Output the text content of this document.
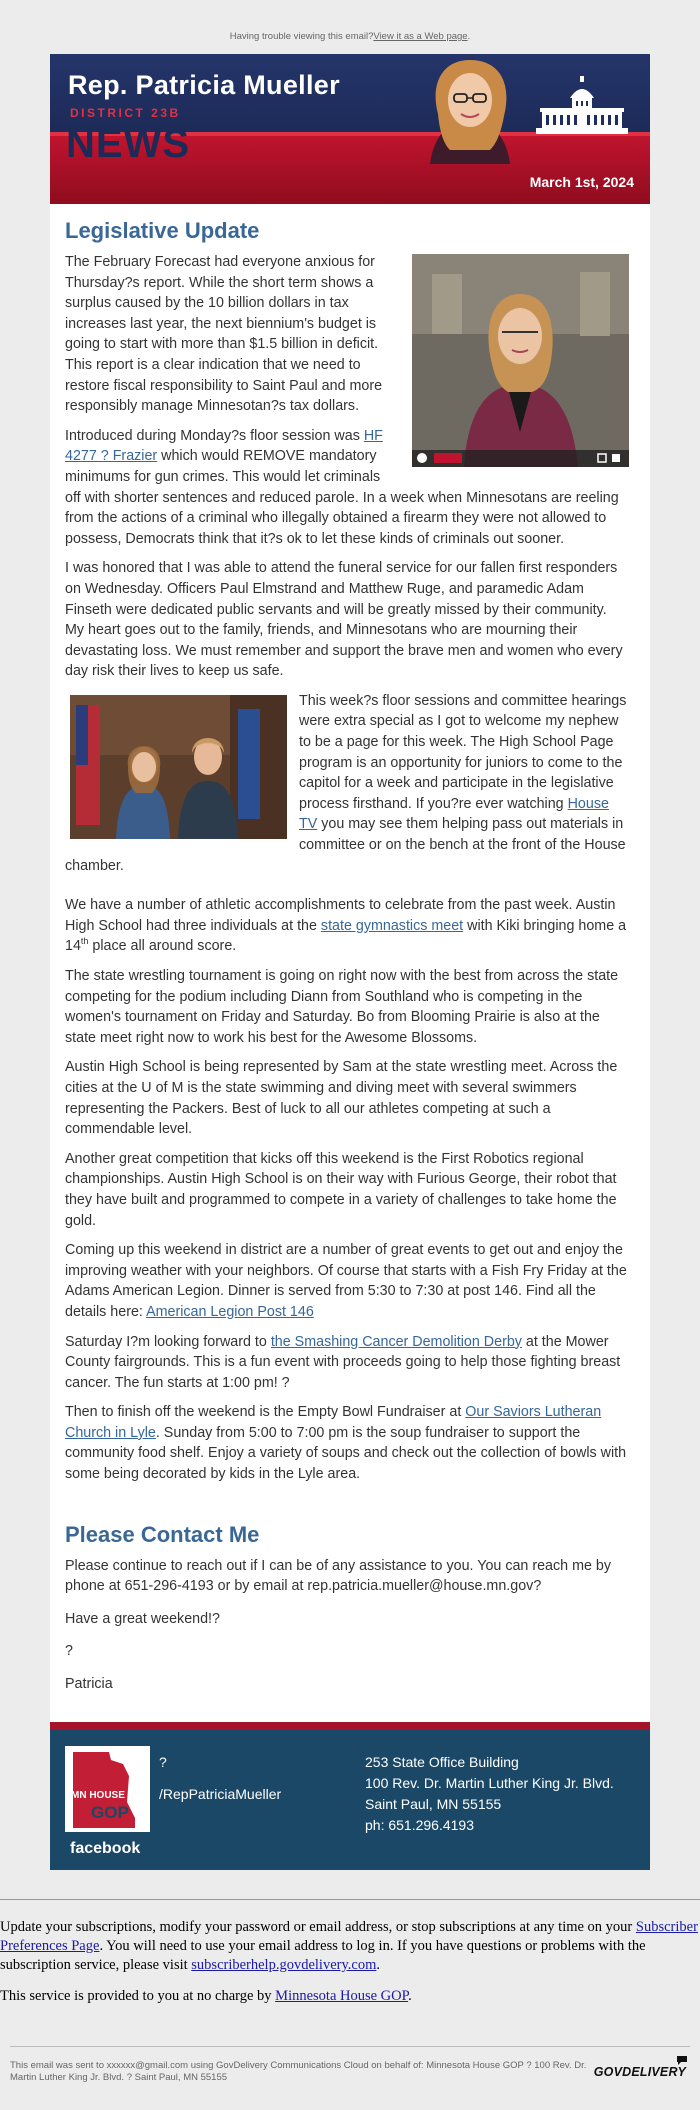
Having trouble viewing this email?View it as a Web page.
Rep. Patricia Mueller
DISTRICT 23B
NEWS
March 1st, 2024
Legislative Update

The February Forecast had everyone anxious for Thursday?s report. While the short term shows a surplus caused by the 10 billion dollars in tax increases last year, the next biennium's budget is going to start with more than $1.5 billion in deficit. This report is a clear indication that we need to restore fiscal responsibility to Saint Paul and more responsibly manage Minnesotan?s tax dollars.

Introduced during Monday?s floor session was HF 4277 ? Frazier which would REMOVE mandatory minimums for gun crimes. This would let criminals off with shorter sentences and reduced parole. In a week when Minnesotans are reeling from the actions of a criminal who illegally obtained a firearm they were not allowed to possess, Democrats think that it?s ok to let these kinds of criminals out sooner.

I was honored that I was able to attend the funeral service for our fallen first responders on Wednesday. Officers Paul Elmstrand and Matthew Ruge, and paramedic Adam Finseth were dedicated public servants and will be greatly missed by their community. My heart goes out to the family, friends, and Minnesotans who are mourning their devastating loss. We must remember and support the brave men and women who every day risk their lives to keep us safe.

This week?s floor sessions and committee hearings were extra special as I got to welcome my nephew to be a page for this week. The High School Page program is an opportunity for juniors to come to the capitol for a week and participate in the legislative process firsthand. If you?re ever watching House TV you may see them helping pass out materials in committee or on the bench at the front of the House chamber.

We have a number of athletic accomplishments to celebrate from the past week. Austin High School had three individuals at the state gymnastics meet with Kiki bringing home a 14th place all around score.

The state wrestling tournament is going on right now with the best from across the state competing for the podium including Diann from Southland who is competing in the women's tournament on Friday and Saturday. Bo from Blooming Prairie is also at the state meet right now to work his best for the Awesome Blossoms.

Austin High School is being represented by Sam at the state wrestling meet. Across the cities at the U of M is the state swimming and diving meet with several swimmers representing the Packers. Best of luck to all our athletes competing at such a commendable level.

Another great competition that kicks off this weekend is the First Robotics regional championships. Austin High School is on their way with Furious George, their robot that they have built and programmed to compete in a variety of challenges to take home the gold.

Coming up this weekend in district are a number of great events to get out and enjoy the improving weather with your neighbors. Of course that starts with a Fish Fry Friday at the Adams American Legion. Dinner is served from 5:30 to 7:30 at post 146. Find all the details here: American Legion Post 146

Saturday I?m looking forward to the Smashing Cancer Demolition Derby at the Mower County fairgrounds. This is a fun event with proceeds going to help those fighting breast cancer. The fun starts at 1:00 pm! ?

Then to finish off the weekend is the Empty Bowl Fundraiser at Our Saviors Lutheran Church in Lyle. Sunday from 5:00 to 7:00 pm is the soup fundraiser to support the community food shelf. Enjoy a variety of soups and check out the collection of bowls with some being decorated by kids in the Lyle area.

Please Contact Me

Please continue to reach out if I can be of any assistance to you. You can reach me by phone at 651-296-4193 or by email at rep.patricia.mueller@house.mn.gov?

Have a great weekend!?

?

Patricia

MN HOUSE
GOP
facebook
?
/RepPatriciaMueller
253 State Office Building
100 Rev. Dr. Martin Luther King Jr. Blvd.
Saint Paul, MN 55155
ph: 651.296.4193

Update your subscriptions, modify your password or email address, or stop subscriptions at any time on your Subscriber Preferences Page. You will need to use your email address to log in. If you have questions or problems with the subscription service, please visit subscriberhelp.govdelivery.com.

This service is provided to you at no charge by Minnesota House GOP.

This email was sent to xxxxxx@gmail.com using GovDelivery Communications Cloud on behalf of: Minnesota House GOP ? 100 Rev. Dr. Martin Luther King Jr. Blvd. ? Saint Paul, MN 55155	GOVDELIVERY
